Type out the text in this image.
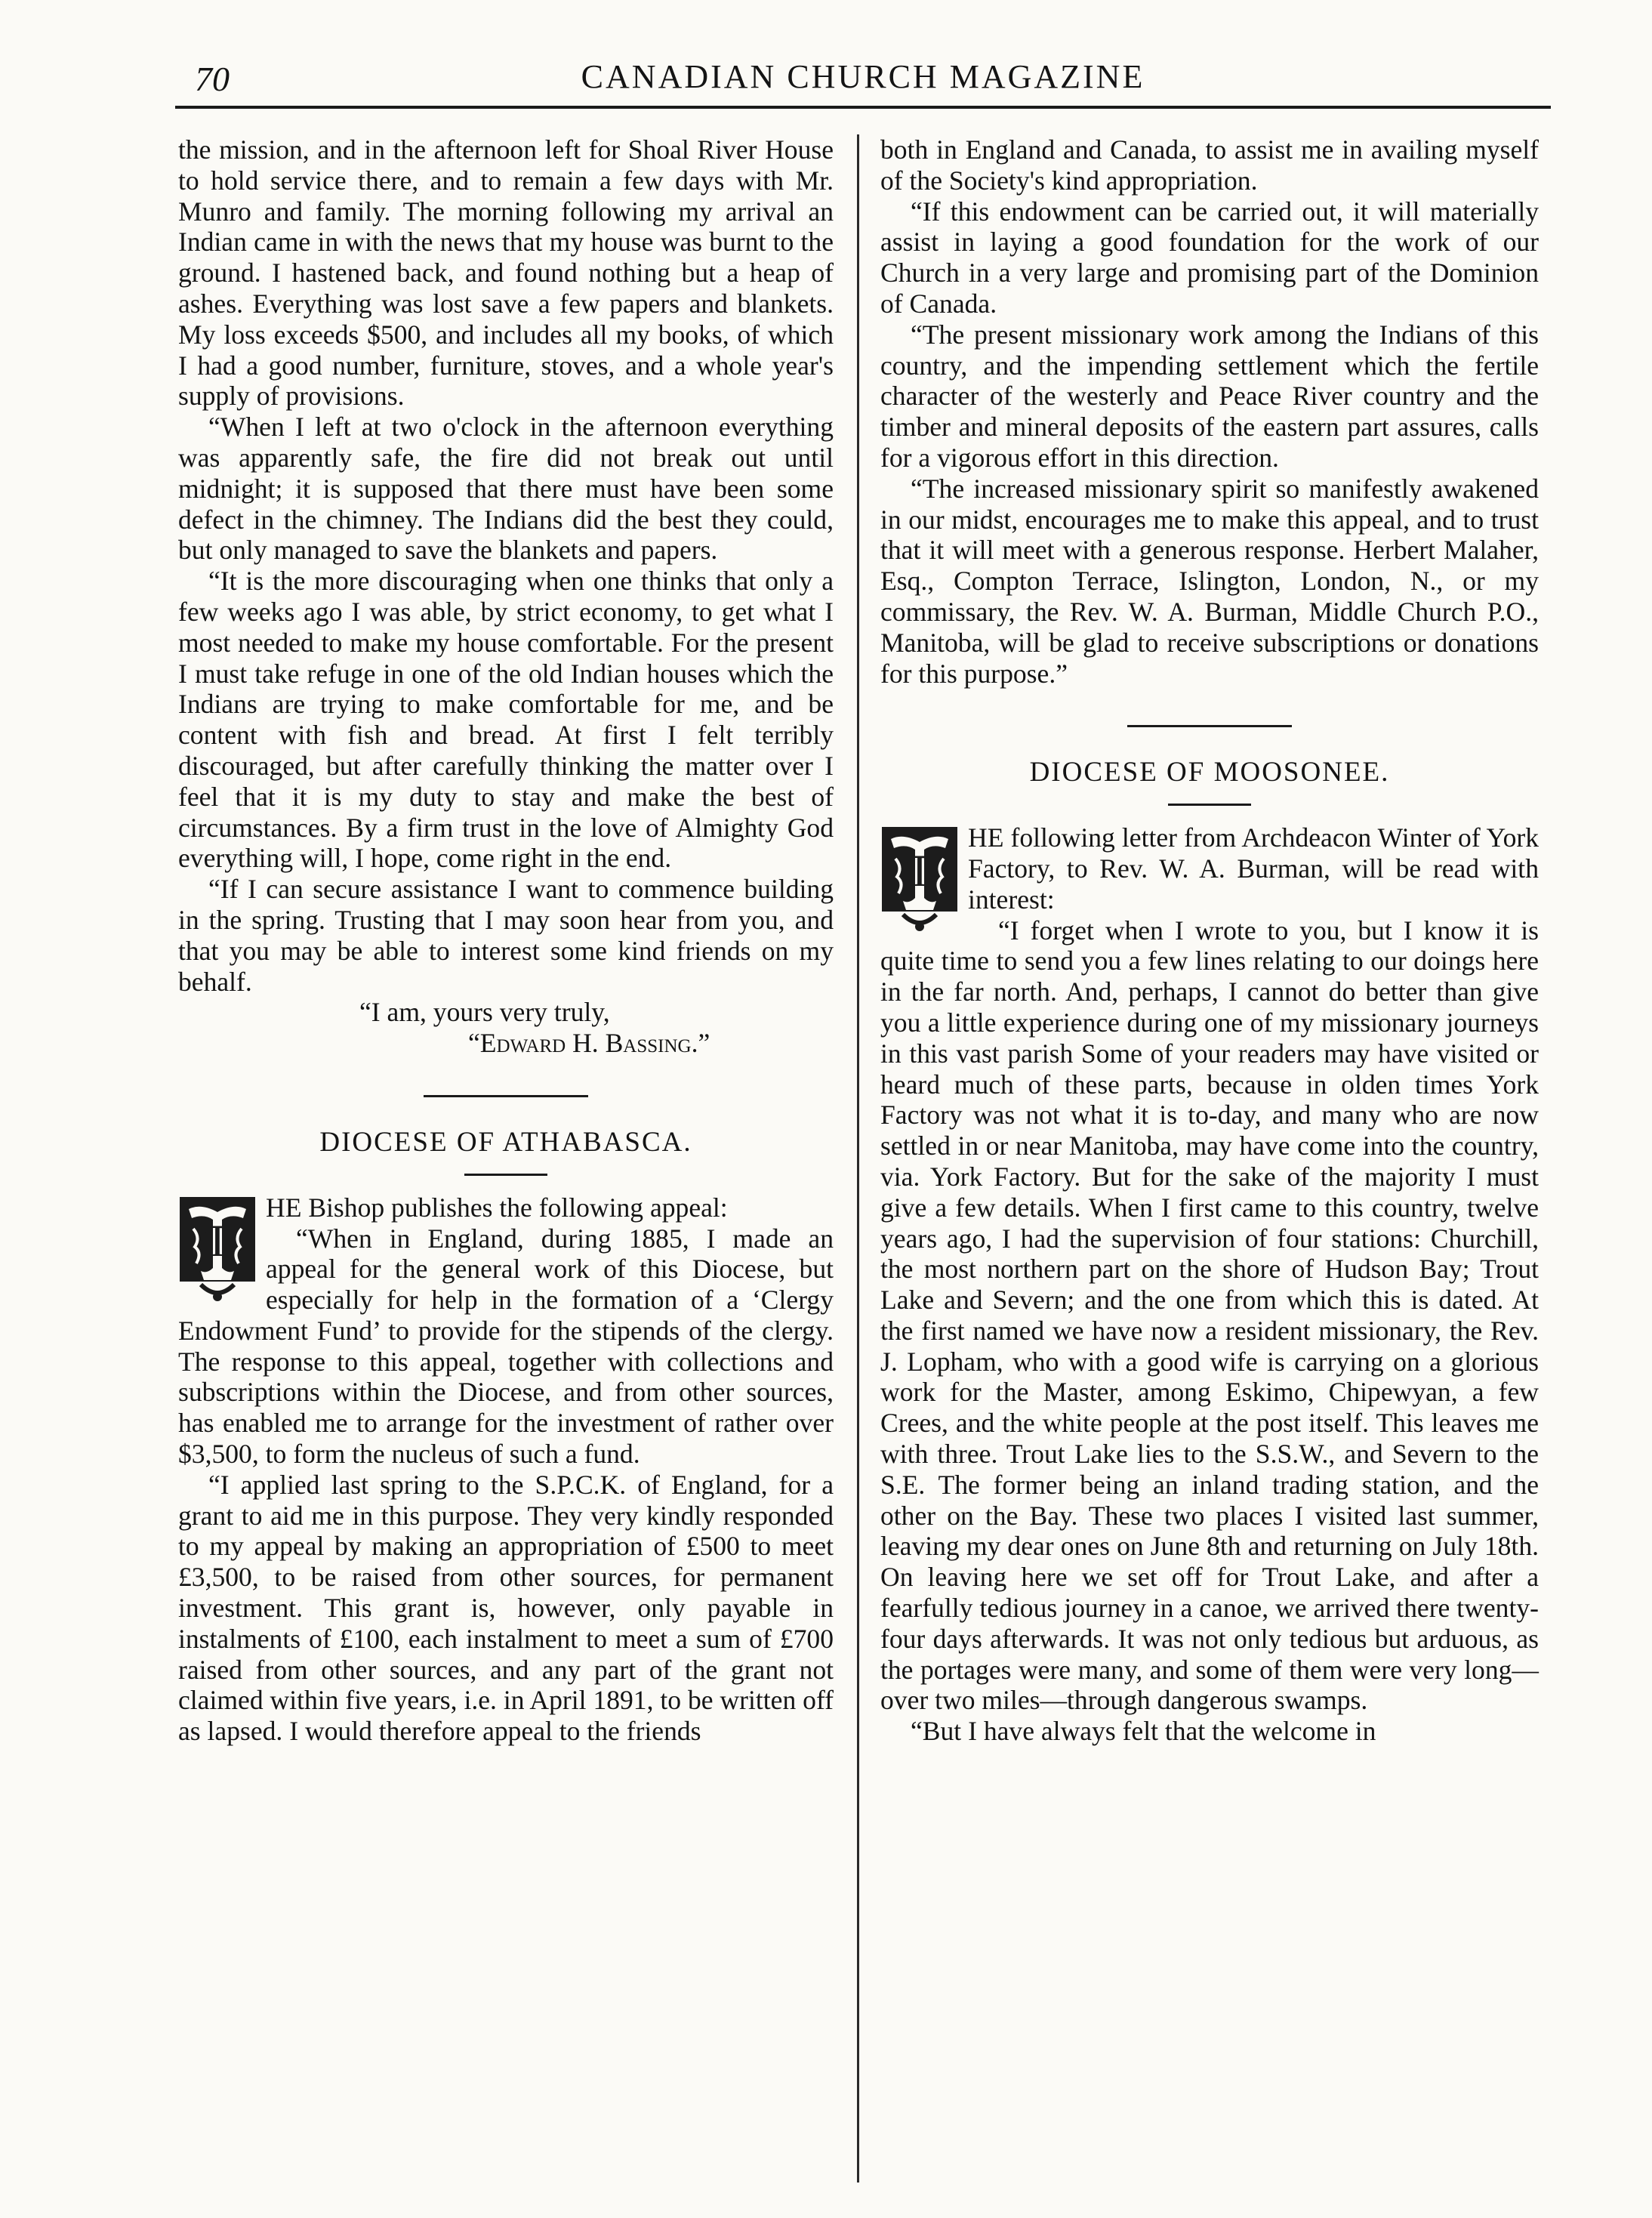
70	CANADIAN CHURCH MAGAZINE

the mission, and in the afternoon left for Shoal River House to hold service there, and to remain a few days with Mr. Munro and family. The morning following my arrival an Indian came in with the news that my house was burnt to the ground. I hastened back, and found nothing but a heap of ashes. Everything was lost save a few papers and blankets. My loss exceeds $500, and includes all my books, of which I had a good number, furniture, stoves, and a whole year's supply of provisions.

“When I left at two o'clock in the afternoon everything was apparently safe, the fire did not break out until midnight; it is supposed that there must have been some defect in the chimney. The Indians did the best they could, but only managed to save the blankets and papers.

“It is the more discouraging when one thinks that only a few weeks ago I was able, by strict economy, to get what I most needed to make my house comfortable. For the present I must take refuge in one of the old Indian houses which the Indians are trying to make comfortable for me, and be content with fish and bread. At first I felt terribly discouraged, but after carefully thinking the matter over I feel that it is my duty to stay and make the best of circumstances. By a firm trust in the love of Almighty God everything will, I hope, come right in the end.

“If I can secure assistance I want to commence building in the spring. Trusting that I may soon hear from you, and that you may be able to interest some kind friends on my behalf.

“I am, yours very truly,

“Edward H. Bassing.”

DIOCESE OF ATHABASCA.

T

HE Bishop publishes the following appeal:

“When in England, during 1885, I made an appeal for the general work of this Diocese, but especially for help in the formation of a ‘Clergy Endowment Fund’ to provide for the stipends of the clergy. The response to this appeal, together with collections and subscriptions within the Diocese, and from other sources, has enabled me to arrange for the investment of rather over $3,500, to form the nucleus of such a fund.

“I applied last spring to the S.P.C.K. of England, for a grant to aid me in this purpose. They very kindly responded to my appeal by making an appropriation of £500 to meet £3,500, to be raised from other sources, for permanent investment. This grant is, however, only payable in instalments of £100, each instalment to meet a sum of £700 raised from other sources, and any part of the grant not claimed within five years, i.e. in April 1891, to be written off as lapsed. I would therefore appeal to the friends

both in England and Canada, to assist me in availing myself of the Society's kind appropriation.

“If this endowment can be carried out, it will materially assist in laying a good foundation for the work of our Church in a very large and promising part of the Dominion of Canada.

“The present missionary work among the Indians of this country, and the impending settlement which the fertile character of the westerly and Peace River country and the timber and mineral deposits of the eastern part assures, calls for a vigorous effort in this direction.

“The increased missionary spirit so manifestly awakened in our midst, encourages me to make this appeal, and to trust that it will meet with a generous response. Herbert Malaher, Esq., Compton Terrace, Islington, London, N., or my commissary, the Rev. W. A. Burman, Middle Church P.O., Manitoba, will be glad to receive subscriptions or donations for this purpose.”

DIOCESE OF MOOSONEE.

T

HE following letter from Archdeacon Winter of York Factory, to Rev. W. A. Burman, will be read with interest:

“I forget when I wrote to you, but I know it is quite time to send you a few lines relating to our doings here in the far north. And, perhaps, I cannot do better than give you a little experience during one of my missionary journeys in this vast parish Some of your readers may have visited or heard much of these parts, because in olden times York Factory was not what it is to-day, and many who are now settled in or near Manitoba, may have come into the country, via. York Factory. But for the sake of the majority I must give a few details. When I first came to this country, twelve years ago, I had the supervision of four stations: Churchill, the most northern part on the shore of Hudson Bay; Trout Lake and Severn; and the one from which this is dated. At the first named we have now a resident missionary, the Rev. J. Lopham, who with a good wife is carrying on a glorious work for the Master, among Eskimo, Chipewyan, a few Crees, and the white people at the post itself. This leaves me with three. Trout Lake lies to the S.S.W., and Severn to the S.E. The former being an inland trading station, and the other on the Bay. These two places I visited last summer, leaving my dear ones on June 8th and returning on July 18th. On leaving here we set off for Trout Lake, and after a fearfully tedious journey in a canoe, we arrived there twenty-four days afterwards. It was not only tedious but arduous, as the portages were many, and some of them were very long—over two miles—through dangerous swamps.

“But I have always felt that the welcome in
